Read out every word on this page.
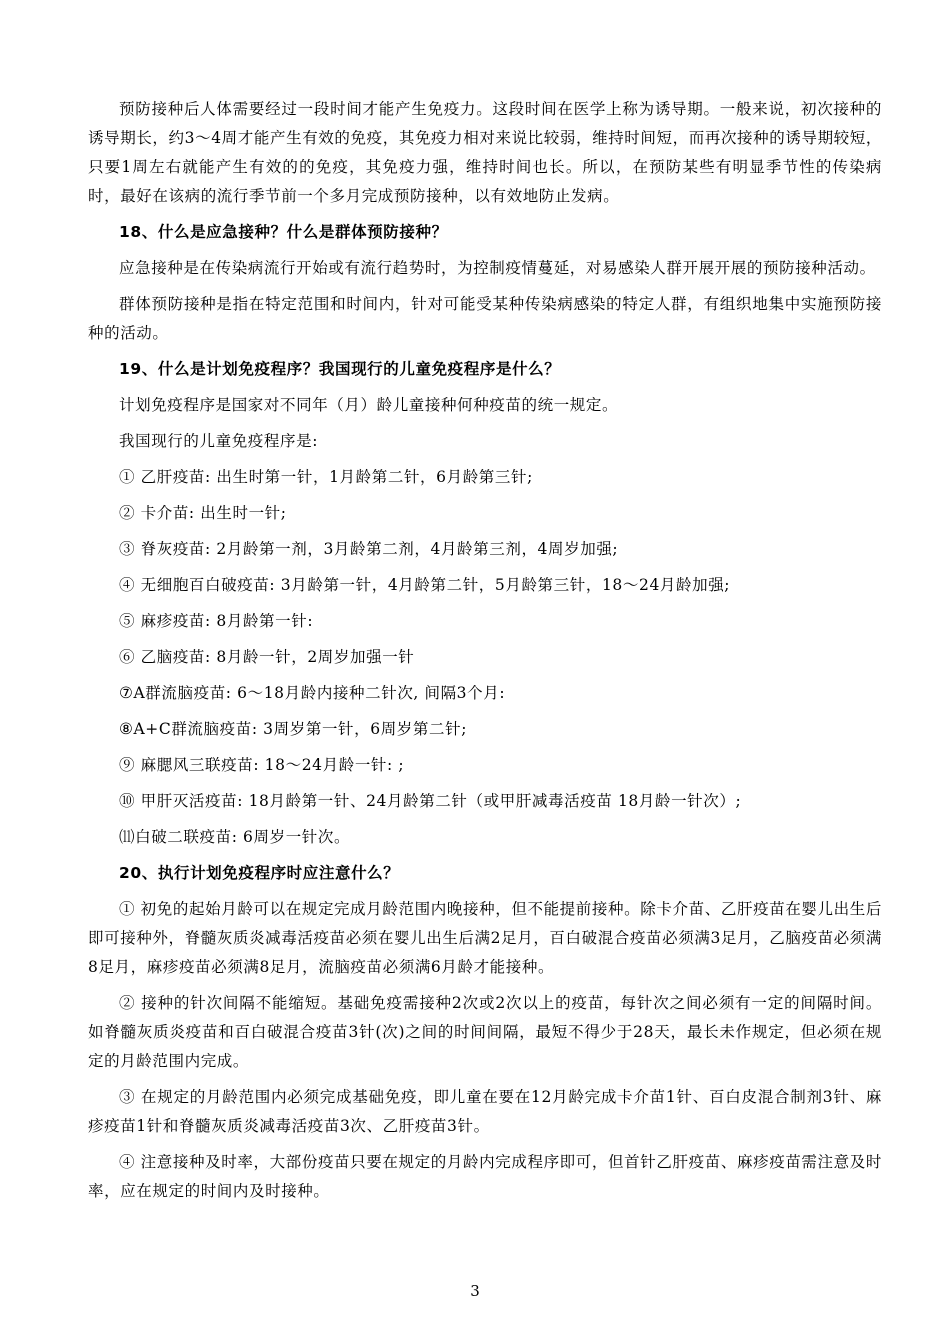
预防接种后人体需要经过一段时间才能产生免疫力。这段时间在医学上称为诱导期。一般来说，初次接种的诱导期长，约3～4周才能产生有效的免疫，其免疫力相对来说比较弱，维持时间短，而再次接种的诱导期较短，只要1周左右就能产生有效的的免疫，其免疫力强，维持时间也长。所以，在预防某些有明显季节性的传染病时，最好在该病的流行季节前一个多月完成预防接种，以有效地防止发病。

18、什么是应急接种？什么是群体预防接种？

应急接种是在传染病流行开始或有流行趋势时，为控制疫情蔓延，对易感染人群开展开展的预防接种活动。

群体预防接种是指在特定范围和时间内，针对可能受某种传染病感染的特定人群，有组织地集中实施预防接种的活动。

19、什么是计划免疫程序？我国现行的儿童免疫程序是什么？

计划免疫程序是国家对不同年（月）龄儿童接种何种疫苗的统一规定。

我国现行的儿童免疫程序是:

① 乙肝疫苗: 出生时第一针，1月龄第二针，6月龄第三针;

② 卡介苗: 出生时一针;

③ 脊灰疫苗: 2月龄第一剂，3月龄第二剂，4月龄第三剂，4周岁加强;

④ 无细胞百白破疫苗: 3月龄第一针，4月龄第二针，5月龄第三针，18～24月龄加强;

⑤ 麻疹疫苗: 8月龄第一针:

⑥ 乙脑疫苗: 8月龄一针，2周岁加强一针

⑦A群流脑疫苗: 6～18月龄内接种二针次, 间隔3个月:

⑧A+C群流脑疫苗: 3周岁第一针，6周岁第二针;

⑨ 麻腮风三联疫苗: 18～24月龄一针: ;

⑩ 甲肝灭活疫苗: 18月龄第一针、24月龄第二针（或甲肝减毒活疫苗 18月龄一针次）;

⑾白破二联疫苗: 6周岁一针次。

20、执行计划免疫程序时应注意什么？

① 初免的起始月龄可以在规定完成月龄范围内晚接种，但不能提前接种。除卡介苗、乙肝疫苗在婴儿出生后即可接种外，脊髓灰质炎减毒活疫苗必须在婴儿出生后满2足月，百白破混合疫苗必须满3足月，乙脑疫苗必须满8足月，麻疹疫苗必须满8足月，流脑疫苗必须满6月龄才能接种。

② 接种的针次间隔不能缩短。基础免疫需接种2次或2次以上的疫苗，每针次之间必须有一定的间隔时间。如脊髓灰质炎疫苗和百白破混合疫苗3针(次)之间的时间间隔，最短不得少于28天，最长未作规定，但必须在规定的月龄范围内完成。

③ 在规定的月龄范围内必须完成基础免疫，即儿童在要在12月龄完成卡介苗1针、百白皮混合制剂3针、麻疹疫苗1针和脊髓灰质炎减毒活疫苗3次、乙肝疫苗3针。

④ 注意接种及时率，大部份疫苗只要在规定的月龄内完成程序即可，但首针乙肝疫苗、麻疹疫苗需注意及时率，应在规定的时间内及时接种。

3
